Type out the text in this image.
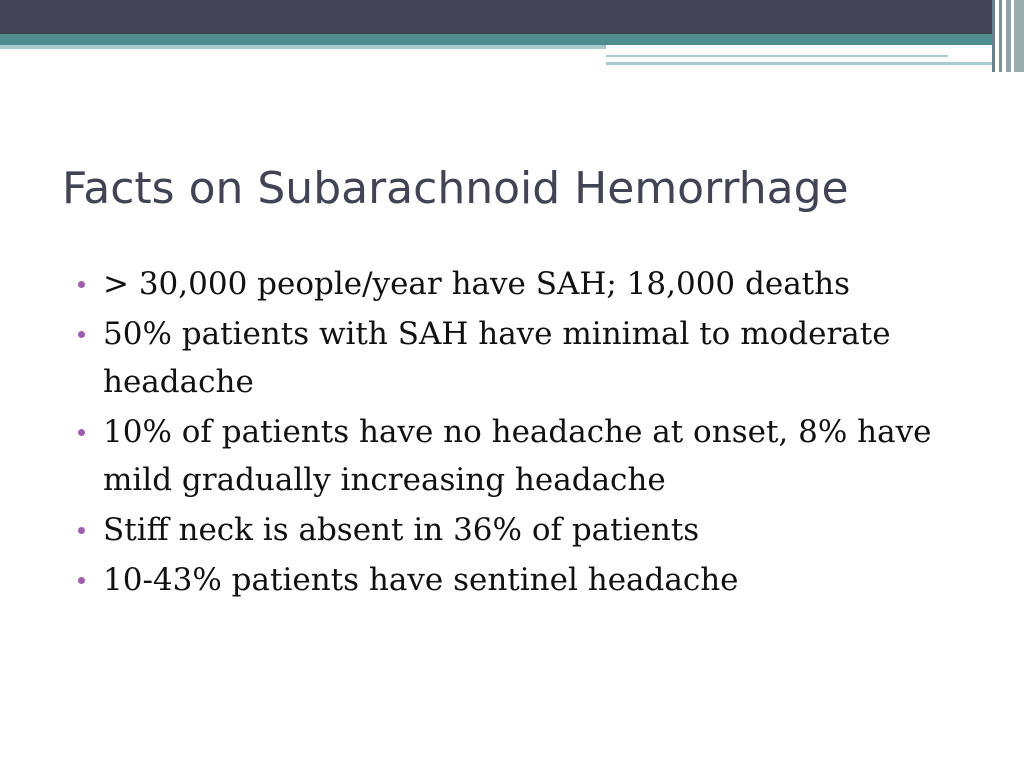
Facts on Subarachnoid Hemorrhage
> 30,000 people/year have SAH; 18,000 deaths
50% patients with SAH have minimal to moderate headache
10% of patients have no headache at onset, 8% have mild gradually increasing headache
Stiff neck is absent in 36% of patients
10-43% patients have sentinel headache
